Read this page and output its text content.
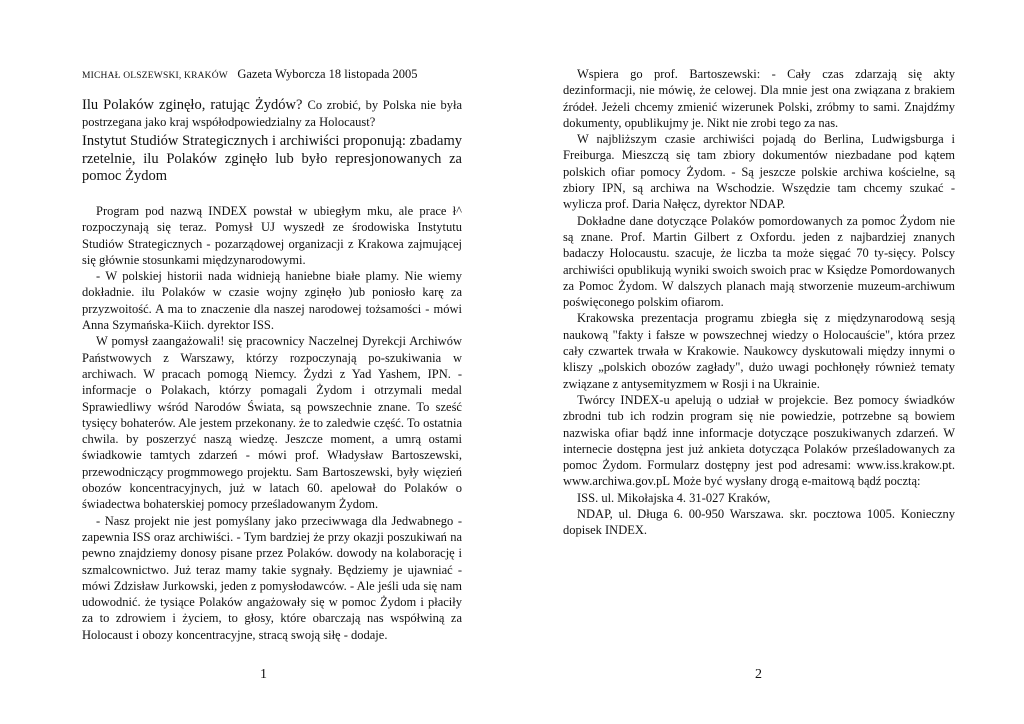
MICHAŁ OLSZEWSKI, KRAKÓW Gazeta Wyborcza 18 listopada 2005
Ilu Polaków zginęło, ratując Żydów? Co zrobić, by Polska nie była postrzegana jako kraj współodpowiedzialny za Holocaust?
Instytut Studiów Strategicznych i archiwiści proponują: zbadamy rzetelnie, ilu Polaków zginęło lub było represjonowanych za pomoc Żydom

Program pod nazwą INDEX powstał w ubiegłym mku, ale prace ł^ rozpoczynają się teraz. Pomysł UJ wyszedł ze środowiska Instytutu Studiów Strategicznych - pozarządowej organizacji z Krakowa zajmującej się głównie stosunkami międzynarodowymi.

- W polskiej historii nada widnieją haniebne białe plamy. Nie wiemy dokładnie. ilu Polaków w czasie wojny zginęło )ub poniosło karę za przyzwoitość. A ma to znaczenie dla naszej narodowej tożsamości - mówi Anna Szymańska-Kiich. dyrektor ISS.

W pomysł zaangażowali! się pracownicy Naczelnej Dyrekcji Archiwów Państwowych z Warszawy, którzy rozpoczynają po-szukiwania w archiwach. W pracach pomogą Niemcy. Żydzi z Yad Yashem, IPN. - informacje o Polakach, którzy pomagali Żydom i otrzymali medal Sprawiedliwy wśród Narodów Świata, są powszechnie znane. To sześć tysięcy bohaterów. Ale jestem przekonany. że to zaledwie część. To ostatnia chwila. by poszerzyć naszą wiedzę. Jeszcze moment, a umrą ostami świadkowie tamtych zdarzeń - mówi prof. Władysław Bartoszewski, przewodniczący progmmowego projektu. Sam Bartoszewski, były więzień obozów koncentracyjnych, już w latach 60. apelował do Polaków o świadectwa bohaterskiej pomocy prześladowanym Żydom.

- Nasz projekt nie jest pomyślany jako przeciwwaga dla Jedwabnego - zapewnia ISS oraz archiwiści. - Tym bardziej że przy okazji poszukiwań na pewno znajdziemy donosy pisane przez Polaków. dowody na kolaborację i szmalcownictwo. Już teraz mamy takie sygnały. Będziemy je ujawniać - mówi Zdzisław Jurkowski, jeden z pomysłodawców. - Ale jeśli uda się nam udowodnić. że tysiące Polaków angażowały się w pomoc Żydom i płaciły za to zdrowiem i życiem, to głosy, które obarczają nas współwiną za Holocaust i obozy koncentracyjne, stracą swoją siłę - dodaje.

1

Wspiera go prof. Bartoszewski: - Cały czas zdarzają się akty dezinformacji, nie mówię, że celowej. Dla mnie jest ona związana z brakiem źródeł. Jeżeli chcemy zmienić wizerunek Polski, zróbmy to sami. Znajdźmy dokumenty, opublikujmy je. Nikt nie zrobi tego za nas.

W najbliższym czasie archiwiści pojadą do Berlina, Ludwigsburga i Freiburga. Mieszczą się tam zbiory dokumentów niezbadane pod kątem polskich ofiar pomocy Żydom. - Są jeszcze polskie archiwa kościelne, są zbiory IPN, są archiwa na Wschodzie. Wszędzie tam chcemy szukać - wylicza prof. Daria Nałęcz, dyrektor NDAP.

Dokładne dane dotyczące Polaków pomordowanych za pomoc Żydom nie są znane. Prof. Martin Gilbert z Oxfordu. jeden z najbardziej znanych badaczy Holocaustu. szacuje, że liczba ta może sięgać 70 ty-sięcy. Polscy archiwiści opublikują wyniki swoich swoich prac w Księdze Pomordowanych za Pomoc Żydom. W dalszych planach mają stworzenie muzeum-archiwum poświęconego polskim ofiarom.

Krakowska prezentacja programu zbiegła się z międzynarodową sesją naukową "fakty i fałsze w powszechnej wiedzy o Holocauście", która przez cały czwartek trwała w Krakowie. Naukowcy dyskutowali między innymi o kliszy „polskich obozów zagłady", dużo uwagi pochłonęły również tematy związane z antysemityzmem w Rosji i na Ukrainie.

Twórcy INDEX-u apelują o udział w projekcie. Bez pomocy świadków zbrodni tub ich rodzin program się nie powiedzie, potrzebne są bowiem nazwiska ofiar bądź inne informacje dotyczące poszukiwanych zdarzeń. W internecie dostępna jest już ankieta dotycząca Polaków prześladowanych za pomoc Żydom. Formularz dostępny jest pod adresami: www.iss.krakow.pt. www.archiwa.gov.pL Może być wysłany drogą e-maitową bądź pocztą:

ISS. ul. Mikołajska 4. 31-027 Kraków,

NDAP, ul. Długa 6. 00-950 Warszawa. skr. pocztowa 1005. Konieczny dopisek INDEX.

2
